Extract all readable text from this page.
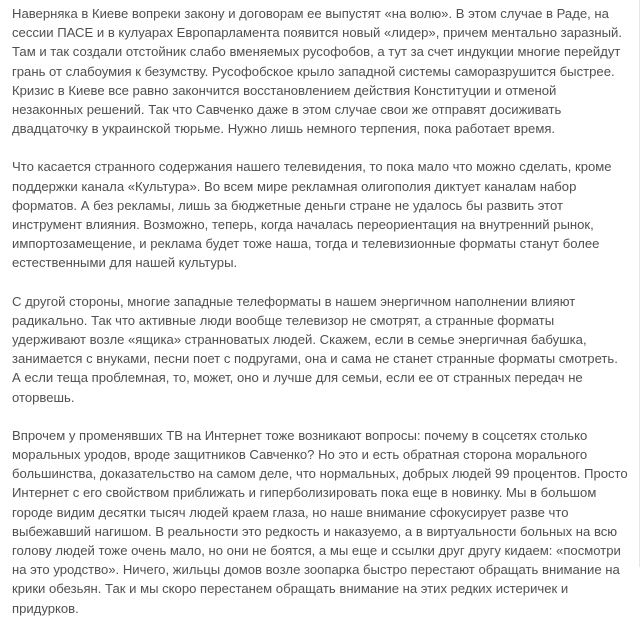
Наверняка в Киеве вопреки закону и договорам ее выпустят «на волю». В этом случае в Раде, на сессии ПАСЕ и в кулуарах Европарламента появится новый «лидер», причем ментально заразный. Там и так создали отстойник слабо вменяемых русофобов, а тут за счет индукции многие перейдут грань от слабоумия к безумству. Русофобское крыло западной системы саморазрушится быстрее. Кризис в Киеве все равно закончится восстановлением действия Конституции и отменой незаконных решений. Так что Савченко даже в этом случае свои же отправят досиживать двадцаточку в украинской тюрьме. Нужно лишь немного терпения, пока работает время.

Что касается странного содержания нашего телевидения, то пока мало что можно сделать, кроме поддержки канала «Культура». Во всем мире рекламная олигополия диктует каналам набор форматов. А без рекламы, лишь за бюджетные деньги стране не удалось бы развить этот инструмент влияния. Возможно, теперь, когда началась переориентация на внутренний рынок, импортозамещение, и реклама будет тоже наша, тогда и телевизионные форматы станут более естественными для нашей культуры.

С другой стороны, многие западные телеформаты в нашем энергичном наполнении влияют радикально. Так что активные люди вообще телевизор не смотрят, а странные форматы удерживают возле «ящика» странноватых людей. Скажем, если в семье энергичная бабушка, занимается с внуками, песни поет с подругами, она и сама не станет странные форматы смотреть. А если теща проблемная, то, может, оно и лучше для семьи, если ее от странных передач не оторвешь.

Впрочем у променявших ТВ на Интернет тоже возникают вопросы: почему в соцсетях столько моральных уродов, вроде защитников Савченко? Но это и есть обратная сторона морального большинства, доказательство на самом деле, что нормальных, добрых людей 99 процентов. Просто Интернет с его свойством приближать и гиперболизировать пока еще в новинку. Мы в большом городе видим десятки тысяч людей краем глаза, но наше внимание сфокусирует разве что выбежавший нагишом. В реальности это редкость и наказуемо, а в виртуальности больных на всю голову людей тоже очень мало, но они не боятся, а мы еще и ссылки друг другу кидаем: «посмотри на это уродство». Ничего, жильцы домов возле зоопарка быстро перестают обращать внимание на крики обезьян. Так и мы скоро перестанем обращать внимание на этих редких истеричек и придурков.
